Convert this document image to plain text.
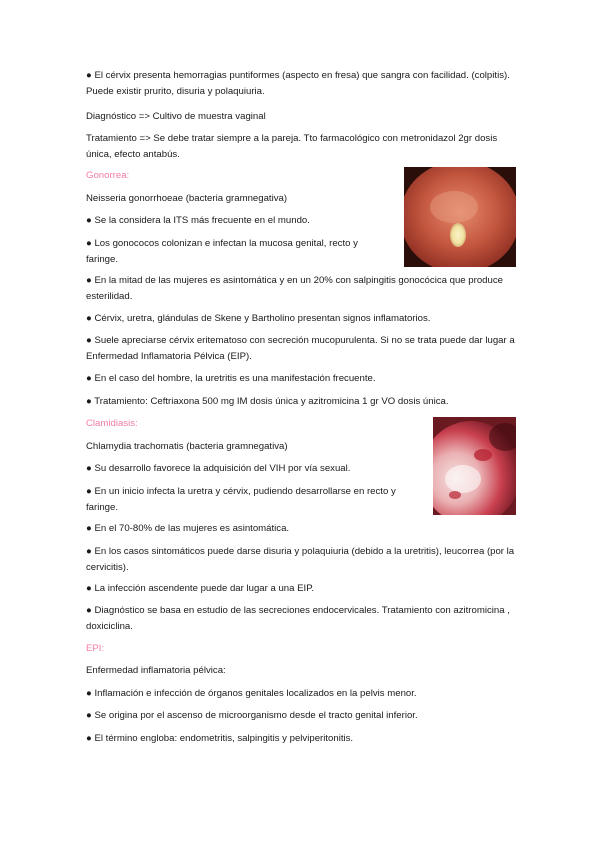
● El cérvix presenta hemorragias puntiformes (aspecto en fresa) que sangra con facilidad. (colpitis). Puede existir prurito, disuria y polaquiuria.

Diagnóstico => Cultivo de muestra vaginal

Tratamiento => Se debe tratar siempre a la pareja. Tto farmacológico con metronidazol 2gr dosis única, efecto antabús.

Gonorrea:

Neisseria gonorrhoeae (bacteria gramnegativa)

● Se la considera la ITS más frecuente en el mundo.

● Los gonococos colonizan e infectan la mucosa genital, recto y faringe.

● En la mitad de las mujeres es asintomática y en un 20% con salpingitis gonocócica que produce esterilidad.

● Cérvix, uretra, glándulas de Skene y Bartholino presentan signos inflamatorios.

● Suele apreciarse cérvix eritematoso con secreción mucopurulenta. Si no se trata puede dar lugar a Enfermedad Inflamatoria Pélvica (EIP).

● En el caso del hombre, la uretritis es una manifestación frecuente.

● Tratamiento: Ceftriaxona 500 mg IM dosis única y azitromicina 1 gr VO dosis única.

Clamidiasis:

Chlamydia trachomatis (bacteria gramnegativa)

● Su desarrollo favorece la adquisición del VIH por vía sexual.

● En un inicio infecta la uretra y cérvix, pudiendo desarrollarse en recto y faringe.

● En el 70-80% de las mujeres es asintomática.

● En los casos sintomáticos puede darse disuria y polaquiuria (debido a la uretritis), leucorrea (por la cervicitis).

● La infección ascendente puede dar lugar a una EIP.

● Diagnóstico se basa en estudio de las secreciones endocervicales. Tratamiento con azitromicina , doxiciclina.

EPI:

Enfermedad inflamatoria pélvica:

● Inflamación e infección de órganos genitales localizados en la pelvis menor.

● Se origina por el ascenso de microorganismo desde el tracto genital inferior.

● El término engloba: endometritis, salpingitis y pelviperitonitis.
